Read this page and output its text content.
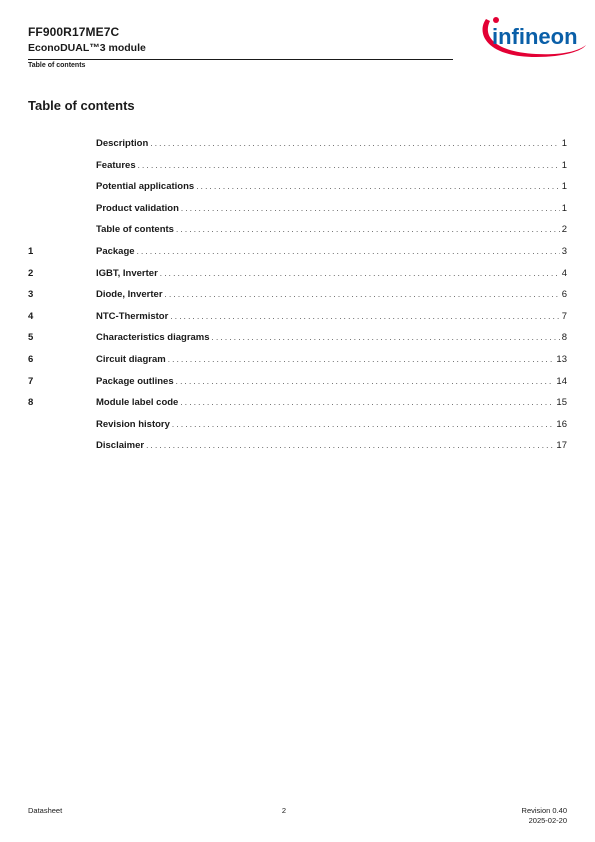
FF900R17ME7C
EconoDUAL™3 module
Table of contents
infineon
Table of contents
Description . . .	1
Features . . .	1
Potential applications . . .	1
Product validation . . .	1
Table of contents . . .	2
1	Package . . .	3
2	IGBT, Inverter . . .	4
3	Diode, Inverter . . .	6
4	NTC-Thermistor . . .	7
5	Characteristics diagrams . . .	8
6	Circuit diagram . . .	13
7	Package outlines . . .	14
8	Module label code . . .	15
Revision history . . .	16
Disclaimer . . .	17
Datasheet	2	Revision 0.40
2025-02-20
